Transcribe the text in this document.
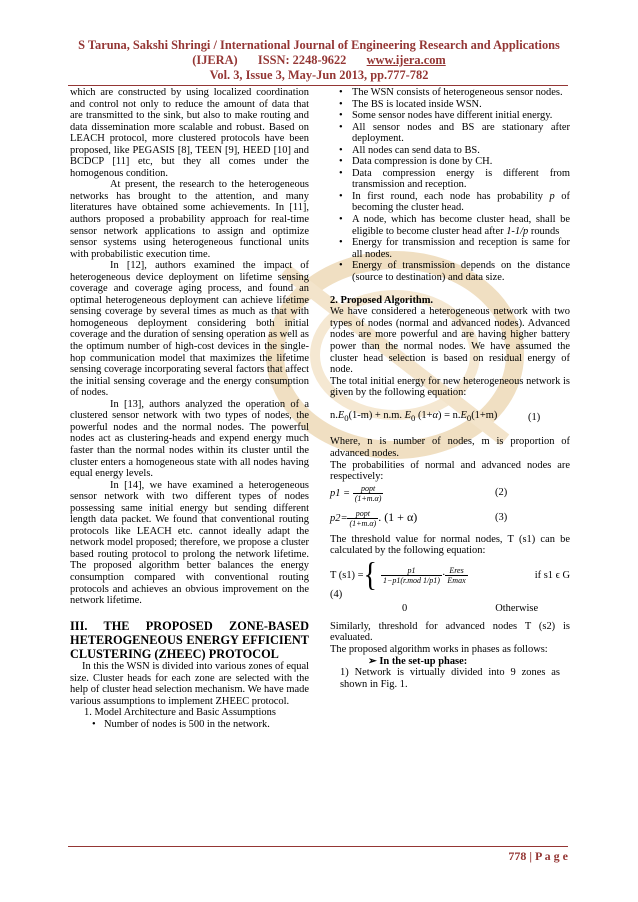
S Taruna, Sakshi Shringi / International Journal of Engineering Research and Applications
(IJERA) ISSN: 2248-9622 www.ijera.com
Vol. 3, Issue 3, May-Jun 2013, pp.777-782

which are constructed by using localized coordination and control not only to reduce the amount of data that are transmitted to the sink, but also to make routing and data dissemination more scalable and robust. Based on LEACH protocol, more clustered protocols have been proposed, like PEGASIS [8], TEEN [9], HEED [10] and BCDCP [11] etc, but they all comes under the homogenous condition.

At present, the research to the heterogeneous networks has brought to the attention, and many literatures have obtained some achievements. In [11], authors proposed a probability approach for real-time sensor network applications to assign and optimize sensor systems using heterogeneous functional units with probabilistic execution time.

In [12], authors examined the impact of heterogeneous device deployment on lifetime sensing coverage and coverage aging process, and found an optimal heterogeneous deployment can achieve lifetime sensing coverage by several times as much as that with homogeneous deployment considering both initial coverage and the duration of sensing operation as well as the optimum number of high-cost devices in the single-hop communication model that maximizes the lifetime sensing coverage incorporating several factors that affect the initial sensing coverage and the energy consumption of nodes.

In [13], authors analyzed the operation of a clustered sensor network with two types of nodes, the powerful nodes and the normal nodes. The powerful nodes act as clustering-heads and expend energy much faster than the normal nodes within its cluster until the cluster enters a homogeneous state with all nodes having equal energy levels.

In [14], we have examined a heterogeneous sensor network with two different types of nodes possessing same initial energy but sending different length data packet. We found that conventional routing protocols like LEACH etc. cannot ideally adapt the network model proposed; therefore, we propose a cluster based routing protocol to prolong the network lifetime. The proposed algorithm better balances the energy consumption compared with conventional routing protocols and achieves an obvious improvement on the network lifetime.

III. THE PROPOSED ZONE-BASED HETEROGENEOUS ENERGY EFFICIENT CLUSTERING (ZHEEC) PROTOCOL

In this the WSN is divided into various zones of equal size. Cluster heads for each zone are selected with the help of cluster head selection mechanism. We have made various assumptions to implement ZHEEC protocol.

1. Model Architecture and Basic Assumptions
• Number of nodes is 500 in the network.
• The WSN consists of heterogeneous sensor nodes.
• The BS is located inside WSN.
• Some sensor nodes have different initial energy.
• All sensor nodes and BS are stationary after deployment.
• All nodes can send data to BS.
• Data compression is done by CH.
• Data compression energy is different from transmission and reception.
• In first round, each node has probability p of becoming the cluster head.
• A node, which has become cluster head, shall be eligible to become cluster head after 1-1/p rounds
• Energy for transmission and reception is same for all nodes.
• Energy of transmission depends on the distance (source to destination) and data size.
2. Proposed Algorithm.

We have considered a heterogeneous network with two types of nodes (normal and advanced nodes). Advanced nodes are more powerful and are having higher battery power than the normal nodes. We have assumed the cluster head selection is based on residual energy of node.

The total initial energy for new heterogeneous network is given by the following equation:

$n.E_0(1-m) + n.m$. $E_0$ $(1+\alpha) = n.E_0(1+m)$	(1)

Where, n is number of nodes, m is proportion of advanced nodes.

The probabilities of normal and advanced nodes are respectively:

$p1 = \frac{\text{popt}}{(1+m.\alpha)}$	(2)
$p2= \frac{\text{popt}}{(1+m.\alpha)}$ . (1 + α)	(3)

The threshold value for normal nodes, T (s1) can be calculated by the following equation:

T (s1) = { $\frac{p1}{\text{1−p1(r.mod 1/p1)}} \cdot \frac{\text{Eres}}{Emax}$	if s1 ϵ G
(4)
0	Otherwise

Similarly, threshold for advanced nodes T (s2) is evaluated.

The proposed algorithm works in phases as follows:

➢ In the set-up phase:

1) Network is virtually divided into 9 zones as shown in Fig. 1.

778 | P a g e
